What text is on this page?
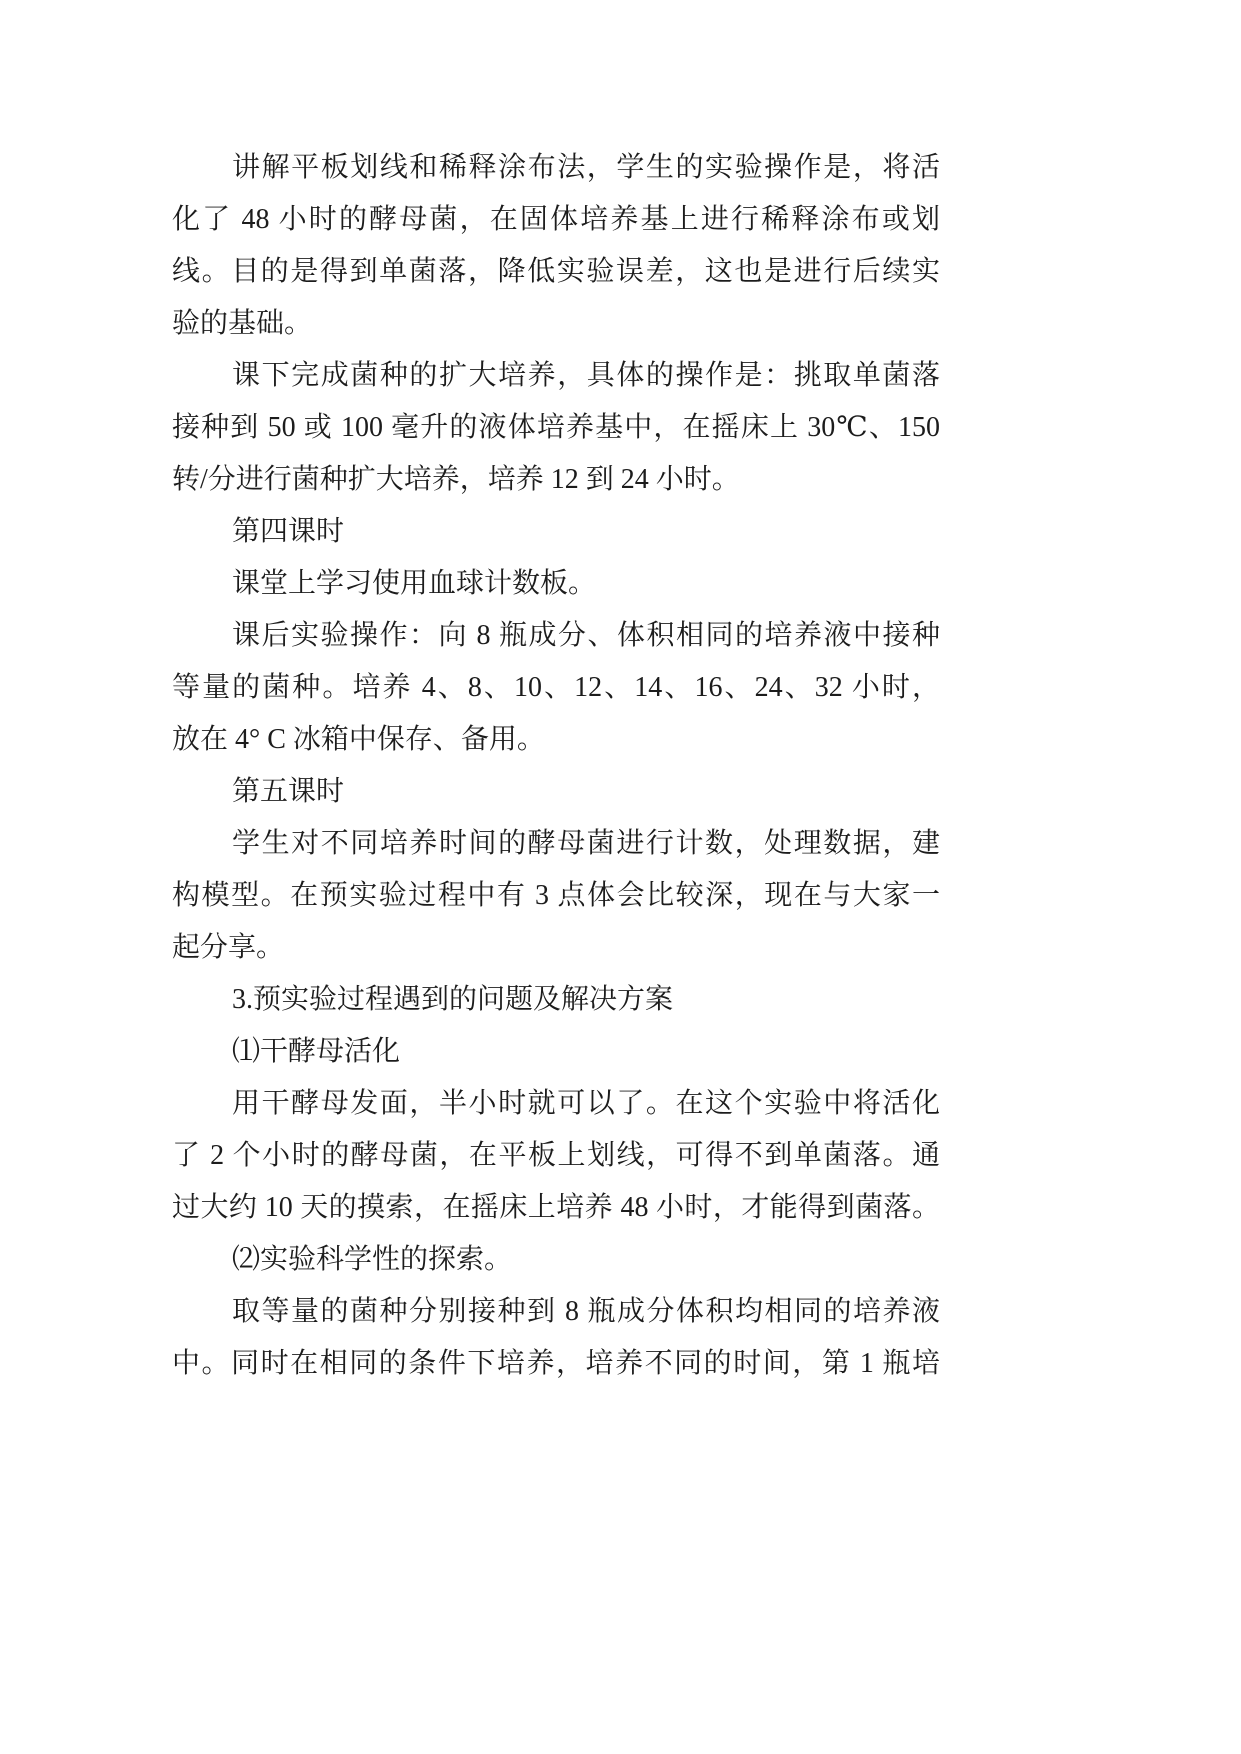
讲解平板划线和稀释涂布法，学生的实验操作是，将活
化了 48 小时的酵母菌，在固体培养基上进行稀释涂布或划
线。目的是得到单菌落，降低实验误差，这也是进行后续实
验的基础。
课下完成菌种的扩大培养，具体的操作是：挑取单菌落
接种到 50 或 100 毫升的液体培养基中，在摇床上 30℃、150
转/分进行菌种扩大培养，培养 12 到 24 小时。
第四课时
课堂上学习使用血球计数板。
课后实验操作：向 8 瓶成分、体积相同的培养液中接种
等量的菌种。培养 4、8、10、12、14、16、24、32 小时，
放在 4° C 冰箱中保存、备用。
第五课时
学生对不同培养时间的酵母菌进行计数，处理数据，建
构模型。在预实验过程中有 3 点体会比较深，现在与大家一
起分享。
3.预实验过程遇到的问题及解决方案
⑴干酵母活化
用干酵母发面，半小时就可以了。在这个实验中将活化
了 2 个小时的酵母菌，在平板上划线，可得不到单菌落。通
过大约 10 天的摸索，在摇床上培养 48 小时，才能得到菌落。
⑵实验科学性的探索。
取等量的菌种分别接种到 8 瓶成分体积均相同的培养液
中。同时在相同的条件下培养，培养不同的时间，第 1 瓶培
